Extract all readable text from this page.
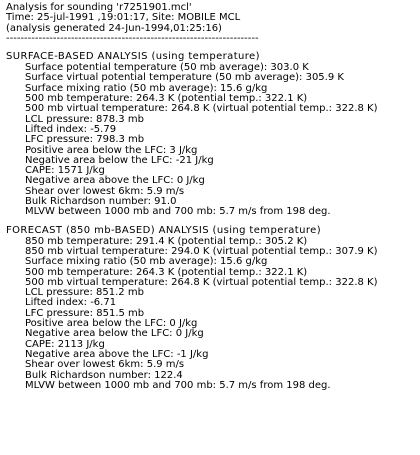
Analysis for sounding 'r7251901.mcl'
Time: 25-jul-1991 ,19:01:17, Site: MOBILE MCL
(analysis generated 24-Jun-1994,01:25:16)
----------------------------------------------------------------------
SURFACE-BASED ANALYSIS (using temperature)
Surface potential temperature (50 mb average): 303.0 K
Surface virtual potential temperature (50 mb average): 305.9 K
Surface mixing ratio (50 mb average): 15.6 g/kg
500 mb temperature: 264.3 K (potential temp.: 322.1 K)
500 mb virtual temperature: 264.8 K (virtual potential temp.: 322.8 K)
LCL pressure: 878.3 mb
Lifted index: -5.79
LFC pressure: 798.3 mb
Positive area below the LFC: 3 J/kg
Negative area below the LFC: -21 J/kg
CAPE: 1571 J/kg
Negative area above the LFC: 0 J/kg
Shear over lowest 6km: 5.9 m/s
Bulk Richardson number: 91.0
MLVW between 1000 mb and 700 mb: 5.7 m/s from 198 deg.
FORECAST (850 mb-BASED) ANALYSIS (using temperature)
850 mb temperature: 291.4 K (potential temp.: 305.2 K)
850 mb virtual temperature: 294.0 K (virtual potential temp.: 307.9 K)
Surface mixing ratio (50 mb average): 15.6 g/kg
500 mb temperature: 264.3 K (potential temp.: 322.1 K)
500 mb virtual temperature: 264.8 K (virtual potential temp.: 322.8 K)
LCL pressure: 851.2 mb
Lifted index: -6.71
LFC pressure: 851.5 mb
Positive area below the LFC: 0 J/kg
Negative area below the LFC: 0 J/kg
CAPE: 2113 J/kg
Negative area above the LFC: -1 J/kg
Shear over lowest 6km: 5.9 m/s
Bulk Richardson number: 122.4
MLVW between 1000 mb and 700 mb: 5.7 m/s from 198 deg.
